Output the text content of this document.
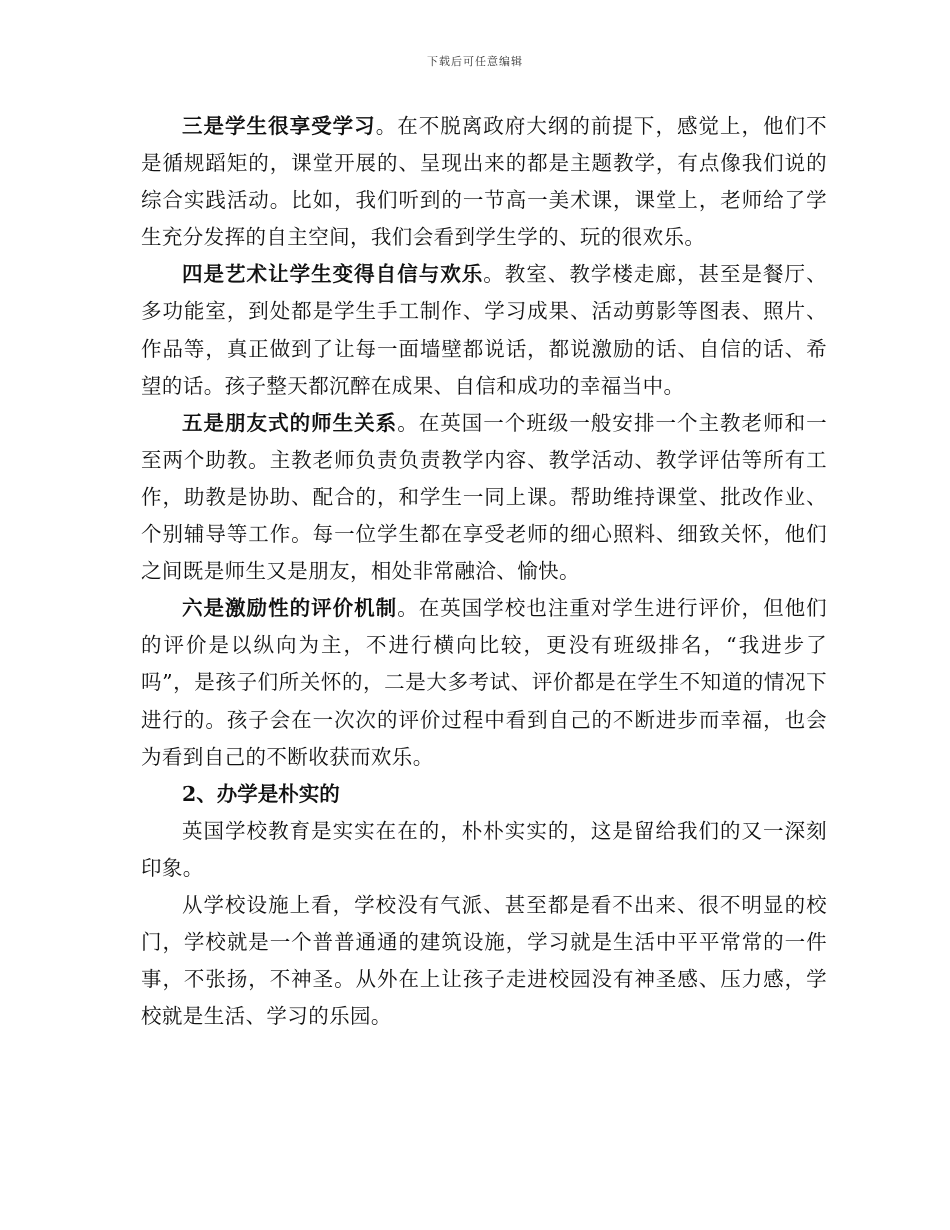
下载后可任意编辑

三是学生很享受学习。在不脱离政府大纲的前提下，感觉上，他们不是循规蹈矩的，课堂开展的、呈现出来的都是主题教学，有点像我们说的综合实践活动。比如，我们听到的一节高一美术课，课堂上，老师给了学生充分发挥的自主空间，我们会看到学生学的、玩的很欢乐。

四是艺术让学生变得自信与欢乐。教室、教学楼走廊，甚至是餐厅、多功能室，到处都是学生手工制作、学习成果、活动剪影等图表、照片、作品等，真正做到了让每一面墙壁都说话，都说激励的话、自信的话、希望的话。孩子整天都沉醉在成果、自信和成功的幸福当中。

五是朋友式的师生关系。在英国一个班级一般安排一个主教老师和一至两个助教。主教老师负责负责教学内容、教学活动、教学评估等所有工作，助教是协助、配合的，和学生一同上课。帮助维持课堂、批改作业、个别辅导等工作。每一位学生都在享受老师的细心照料、细致关怀，他们之间既是师生又是朋友，相处非常融洽、愉快。

六是激励性的评价机制。在英国学校也注重对学生进行评价，但他们的评价是以纵向为主，不进行横向比较，更没有班级排名，“我进步了吗”，是孩子们所关怀的，二是大多考试、评价都是在学生不知道的情况下进行的。孩子会在一次次的评价过程中看到自己的不断进步而幸福，也会为看到自己的不断收获而欢乐。

2、办学是朴实的

英国学校教育是实实在在的，朴朴实实的，这是留给我们的又一深刻印象。

从学校设施上看，学校没有气派、甚至都是看不出来、很不明显的校门，学校就是一个普普通通的建筑设施，学习就是生活中平平常常的一件事，不张扬，不神圣。从外在上让孩子走进校园没有神圣感、压力感，学校就是生活、学习的乐园。
